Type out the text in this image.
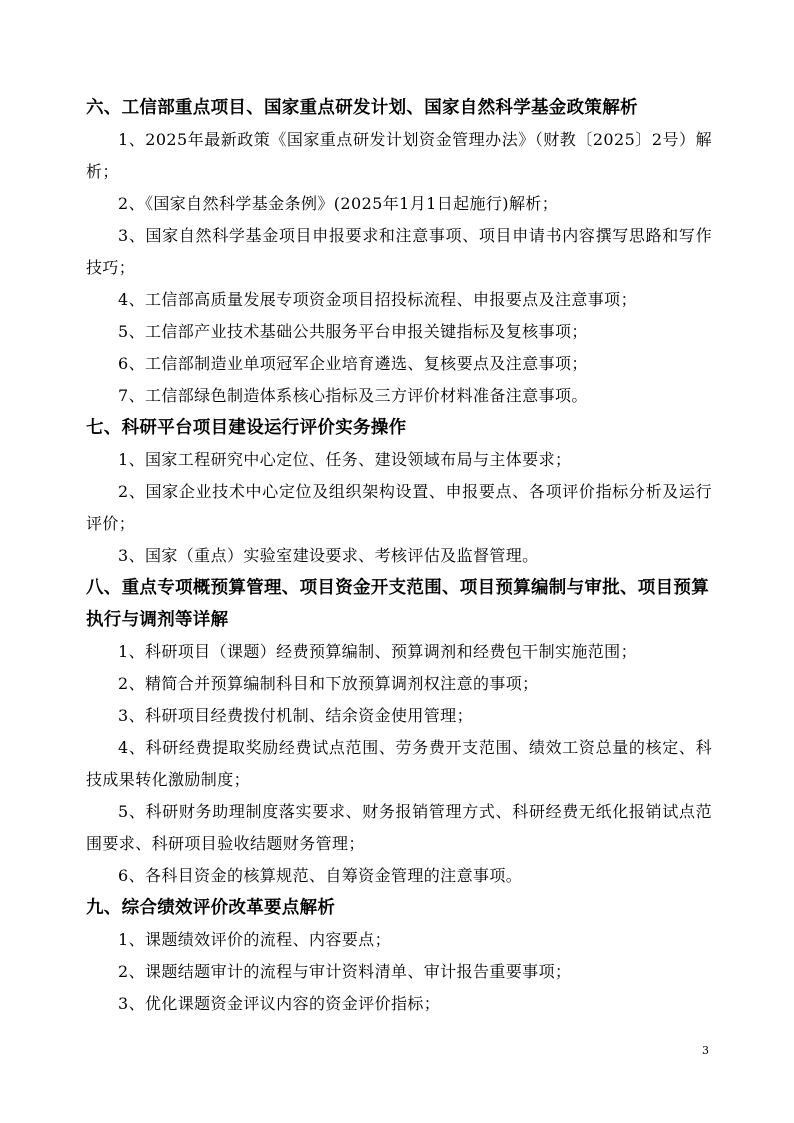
六、工信部重点项目、国家重点研发计划、国家自然科学基金政策解析

1、2025年最新政策《国家重点研发计划资金管理办法》（财教〔2025〕2号）解析；

2、《国家自然科学基金条例》(2025年1月1日起施行)解析；

3、国家自然科学基金项目申报要求和注意事项、项目申请书内容撰写思路和写作技巧；

4、工信部高质量发展专项资金项目招投标流程、申报要点及注意事项；

5、工信部产业技术基础公共服务平台申报关键指标及复核事项；

6、工信部制造业单项冠军企业培育遴选、复核要点及注意事项；

7、工信部绿色制造体系核心指标及三方评价材料准备注意事项。

七、科研平台项目建设运行评价实务操作

1、国家工程研究中心定位、任务、建设领域布局与主体要求；

2、国家企业技术中心定位及组织架构设置、申报要点、各项评价指标分析及运行评价；

3、国家（重点）实验室建设要求、考核评估及监督管理。

八、重点专项概预算管理、项目资金开支范围、项目预算编制与审批、项目预算执行与调剂等详解

1、科研项目（课题）经费预算编制、预算调剂和经费包干制实施范围；

2、精简合并预算编制科目和下放预算调剂权注意的事项；

3、科研项目经费拨付机制、结余资金使用管理；

4、科研经费提取奖励经费试点范围、劳务费开支范围、绩效工资总量的核定、科技成果转化激励制度；

5、科研财务助理制度落实要求、财务报销管理方式、科研经费无纸化报销试点范围要求、科研项目验收结题财务管理；

6、各科目资金的核算规范、自筹资金管理的注意事项。

九、综合绩效评价改革要点解析

1、课题绩效评价的流程、内容要点；

2、课题结题审计的流程与审计资料清单、审计报告重要事项；

3、优化课题资金评议内容的资金评价指标；

3
